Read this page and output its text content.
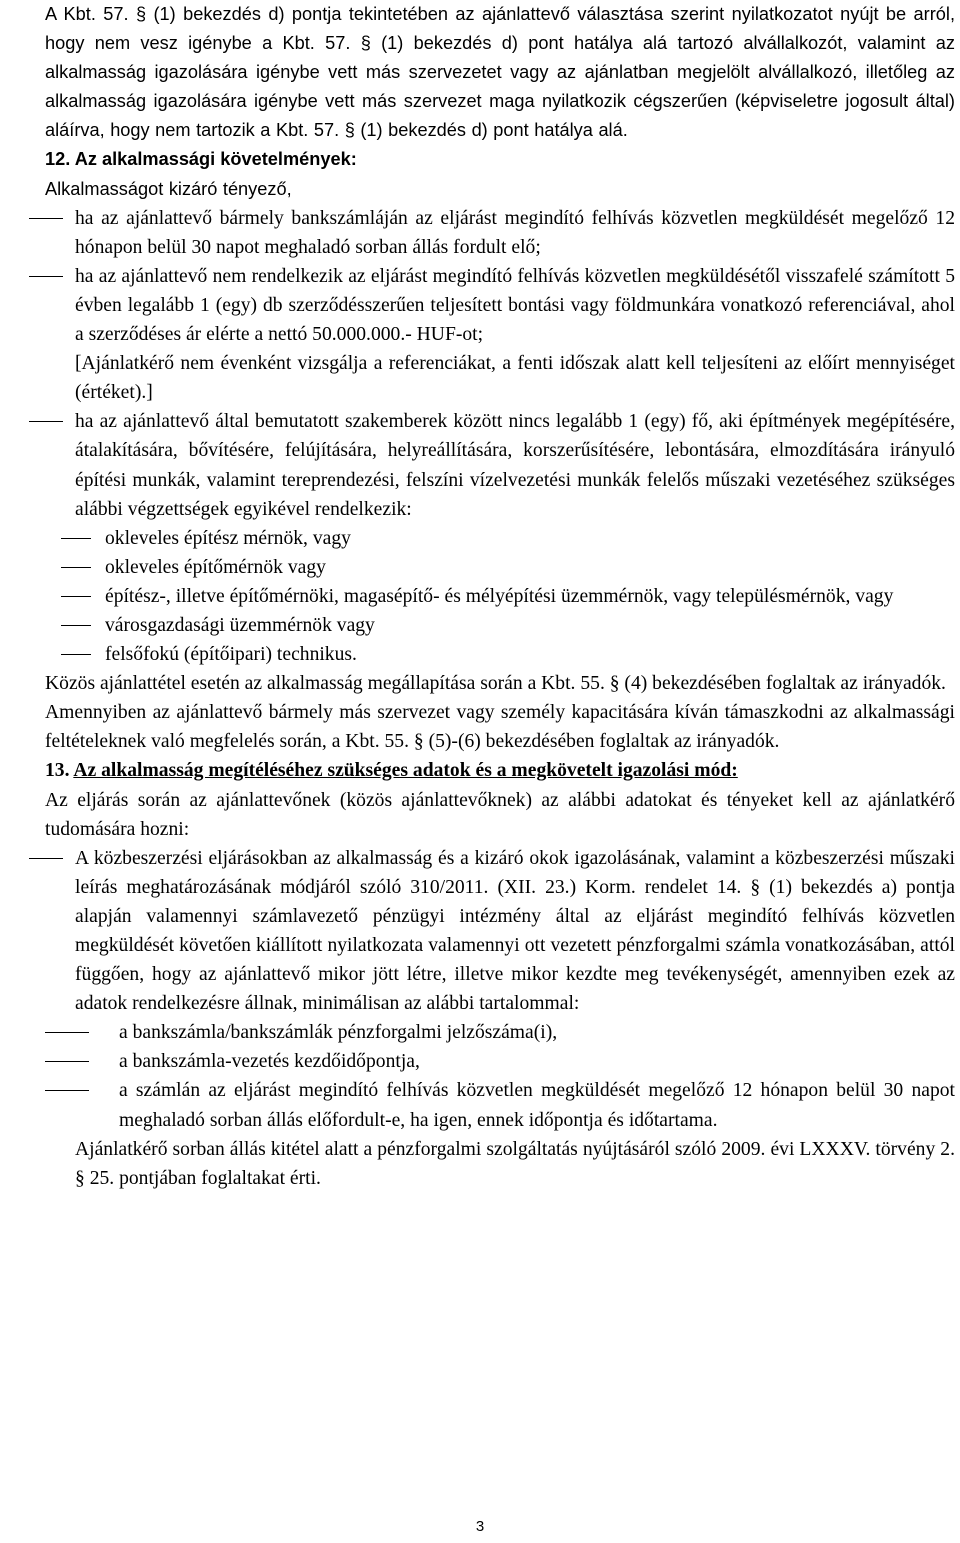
A Kbt. 57. § (1) bekezdés d) pontja tekintetében az ajánlattevő választása szerint nyilatkozatot nyújt be arról, hogy nem vesz igénybe a Kbt. 57. § (1) bekezdés d) pont hatálya alá tartozó alvállalkozót, valamint az alkalmasság igazolására igénybe vett más szervezetet vagy az ajánlatban megjelölt alvállalkozó, illetőleg az alkalmasság igazolására igénybe vett más szervezet maga nyilatkozik cégszerűen (képviseletre jogosult által) aláírva, hogy nem tartozik a Kbt. 57. § (1) bekezdés d) pont hatálya alá.

12. Az alkalmassági követelmények:

Alkalmasságot kizáró tényező,

ha az ajánlattevő bármely bankszámláján az eljárást megindító felhívás közvetlen megküldését megelőző 12 hónapon belül 30 napot meghaladó sorban állás fordult elő;

ha az ajánlattevő nem rendelkezik az eljárást megindító felhívás közvetlen megküldésétől visszafelé számított 5 évben legalább 1 (egy) db szerződésszerűen teljesített bontási vagy földmunkára vonatkozó referenciával, ahol a szerződéses ár elérte a nettó 50.000.000.- HUF-ot;

[Ajánlatkérő nem évenként vizsgálja a referenciákat, a fenti időszak alatt kell teljesíteni az előírt mennyiséget (értéket).]

ha az ajánlattevő által bemutatott szakemberek között nincs legalább 1 (egy) fő, aki építmények megépítésére, átalakítására, bővítésére, felújítására, helyreállítására, korszerűsítésére, lebontására, elmozdítására irányuló építési munkák, valamint tereprendezési, felszíni vízelvezetési munkák felelős műszaki vezetéséhez szükséges alábbi végzettségek egyikével rendelkezik:

okleveles építész mérnök, vagy

okleveles építőmérnök vagy

építész-, illetve építőmérnöki, magasépítő- és mélyépítési üzemmérnök, vagy településmérnök, vagy

városgazdasági üzemmérnök vagy

felsőfokú (építőipari) technikus.

Közös ajánlattétel esetén az alkalmasság megállapítása során a Kbt. 55. § (4) bekezdésében foglaltak az irányadók.

Amennyiben az ajánlattevő bármely más szervezet vagy személy kapacitására kíván támaszkodni az alkalmassági feltételeknek való megfelelés során, a Kbt. 55. § (5)-(6) bekezdésében foglaltak az irányadók.

13. Az alkalmasság megítéléséhez szükséges adatok és a megkövetelt igazolási mód:

Az eljárás során az ajánlattevőnek (közös ajánlattevőknek) az alábbi adatokat és tényeket kell az ajánlatkérő tudomására hozni:

A közbeszerzési eljárásokban az alkalmasság és a kizáró okok igazolásának, valamint a közbeszerzési műszaki leírás meghatározásának módjáról szóló 310/2011. (XII. 23.) Korm. rendelet 14. § (1) bekezdés a) pontja alapján valamennyi számlavezető pénzügyi intézmény által az eljárást megindító felhívás közvetlen megküldését követően kiállított nyilatkozata valamennyi ott vezetett pénzforgalmi számla vonatkozásában, attól függően, hogy az ajánlattevő mikor jött létre, illetve mikor kezdte meg tevékenységét, amennyiben ezek az adatok rendelkezésre állnak, minimálisan az alábbi tartalommal:

a bankszámla/bankszámlák pénzforgalmi jelzőszáma(i),

a bankszámla-vezetés kezdőidőpontja,

a számlán az eljárást megindító felhívás közvetlen megküldését megelőző 12 hónapon belül 30 napot meghaladó sorban állás előfordult-e, ha igen, ennek időpontja és időtartama.

Ajánlatkérő sorban állás kitétel alatt a pénzforgalmi szolgáltatás nyújtásáról szóló 2009. évi LXXXV. törvény 2. § 25. pontjában foglaltakat érti.

3
